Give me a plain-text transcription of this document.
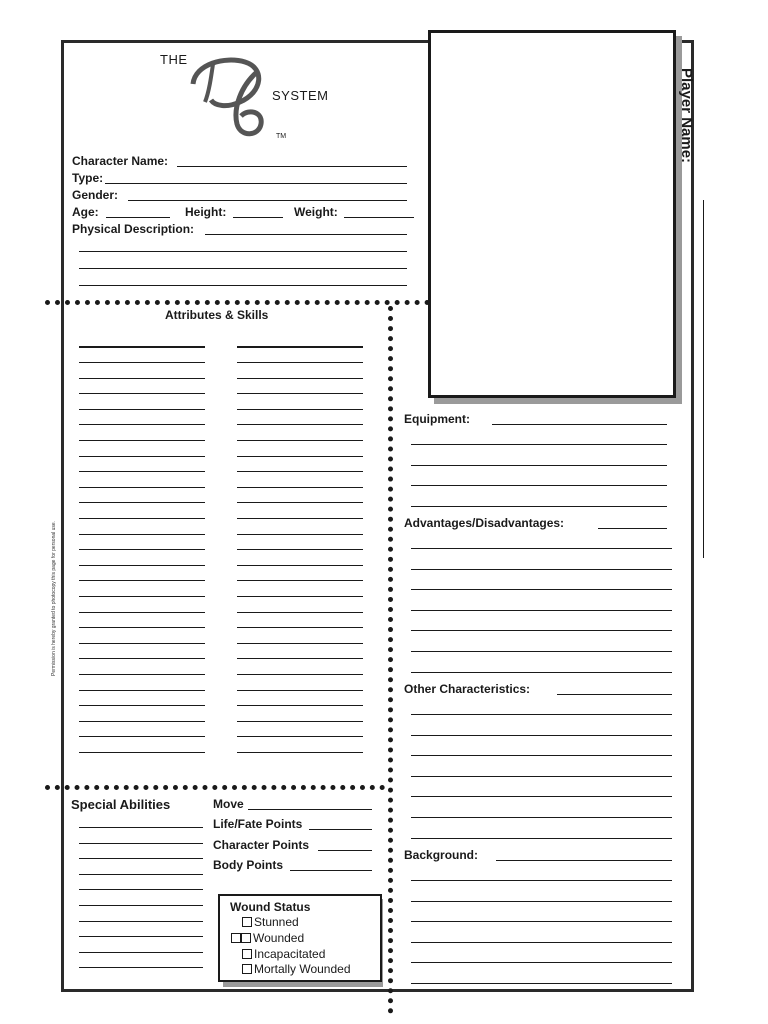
THE
SYSTEM
TM	Player Name:
Permission is hereby granted to photocopy this page for personal use.
Character Name:
Type:
Gender:
Age:	Height:	Weight:
Physical Description:
Attributes & Skills
Special Abilities	Move
Life/Fate Points
Character Points
Body Points
Wound Status
Stunned
Wounded
Incapacitated
Mortally Wounded
Equipment:
Advantages/Disadvantages:
Other Characteristics:
Background:
